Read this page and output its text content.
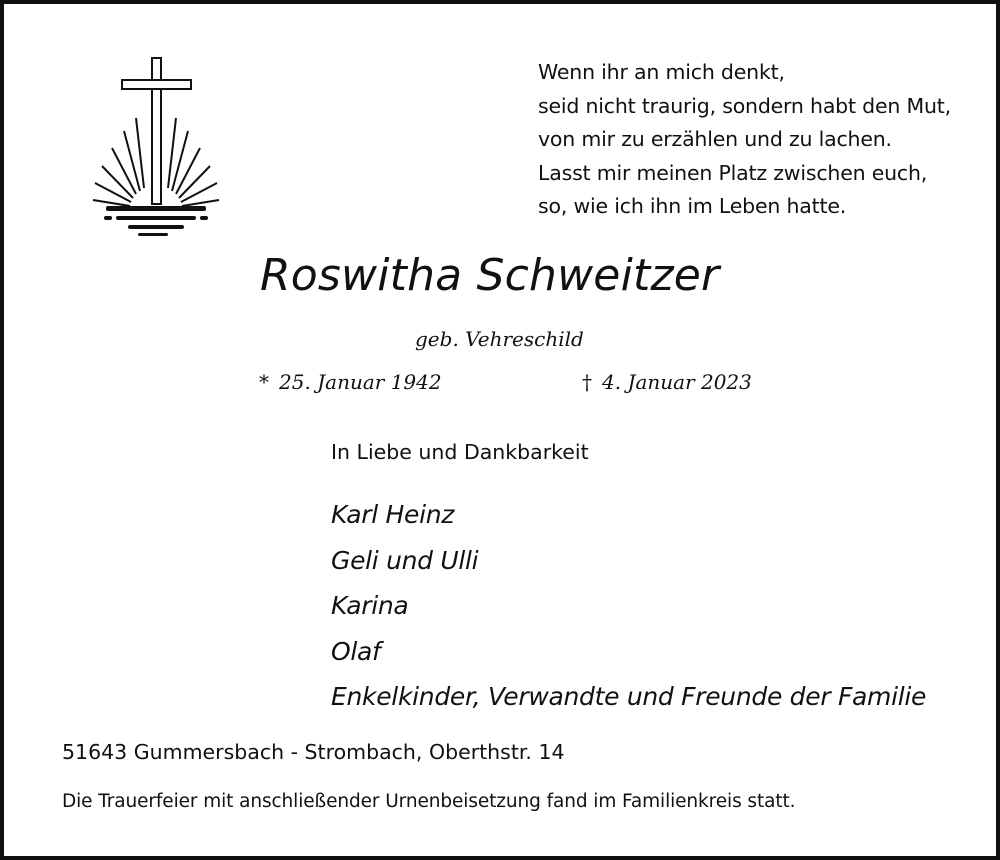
Wenn ihr an mich denkt,
seid nicht traurig, sondern habt den Mut,
von mir zu erzählen und zu lachen.
Lasst mir meinen Platz zwischen euch,
so, wie ich ihn im Leben hatte.
Roswitha Schweitzer
geb. Vehreschild
* 25. Januar 1942	† 4. Januar 2023
In Liebe und Dankbarkeit
Karl Heinz
Geli und Ulli
Karina
Olaf
Enkelkinder, Verwandte und Freunde der Familie
51643 Gummersbach - Strombach, Oberthstr. 14
Die Trauerfeier mit anschließender Urnenbeisetzung fand im Familienkreis statt.
